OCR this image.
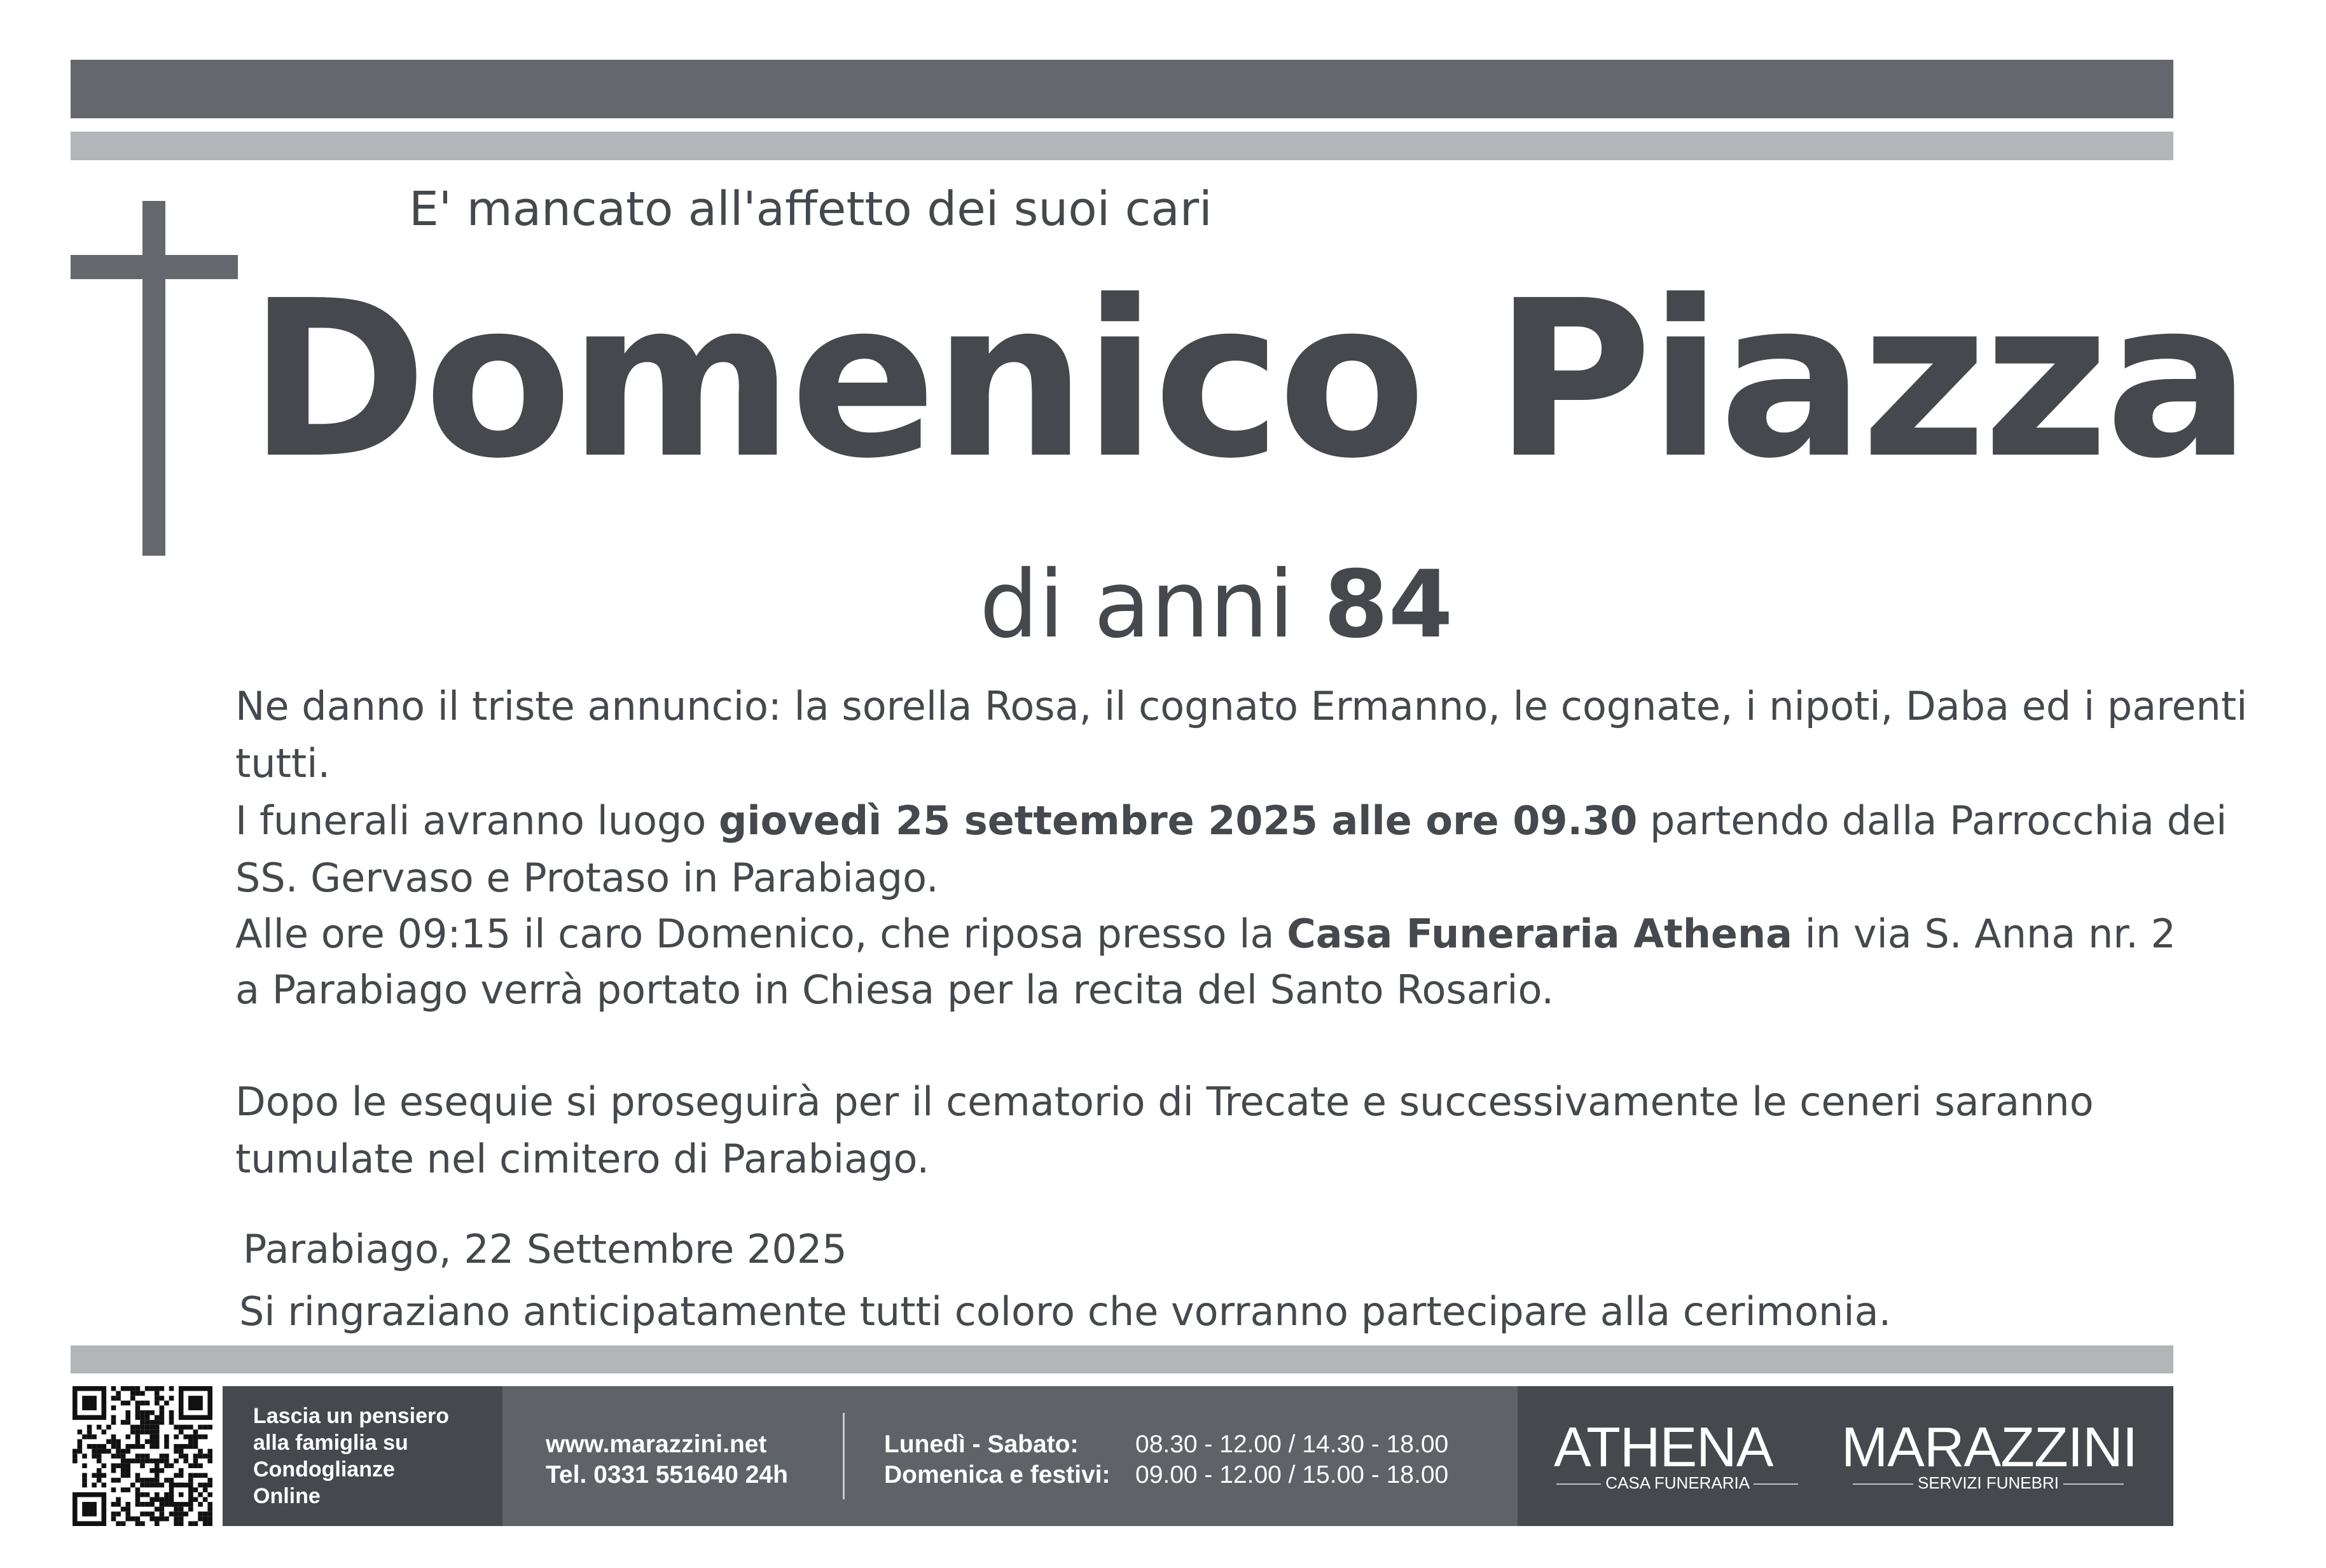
E' mancato all'affetto dei suoi cari
Domenico Piazza
di anni 84
Ne danno il triste annuncio: la sorella Rosa, il cognato Ermanno, le cognate, i nipoti, Daba ed i parenti
tutti.
I funerali avranno luogo giovedì 25 settembre 2025 alle ore 09.30 partendo dalla Parrocchia dei
SS. Gervaso e Protaso in Parabiago.
Alle ore 09:15 il caro Domenico, che riposa presso la Casa Funeraria Athena in via S. Anna nr. 2
a Parabiago verrà portato in Chiesa per la recita del Santo Rosario.
Dopo le esequie si proseguirà per il cematorio di Trecate e successivamente le ceneri saranno
tumulate nel cimitero di Parabiago.
Parabiago, 22 Settembre 2025
Si ringraziano anticipatamente tutti coloro che vorranno partecipare alla cerimonia.
Lascia un pensiero
alla famiglia su
Condoglianze
Online
www.marazzini.net
Tel. 0331 551640 24h
Lunedì - Sabato:
Domenica e festivi:
08.30 - 12.00 / 14.30 - 18.00
09.00 - 12.00 / 15.00 - 18.00 ATHENA
CASA FUNERARIA
MARAZZINI
SERVIZI FUNEBRI
